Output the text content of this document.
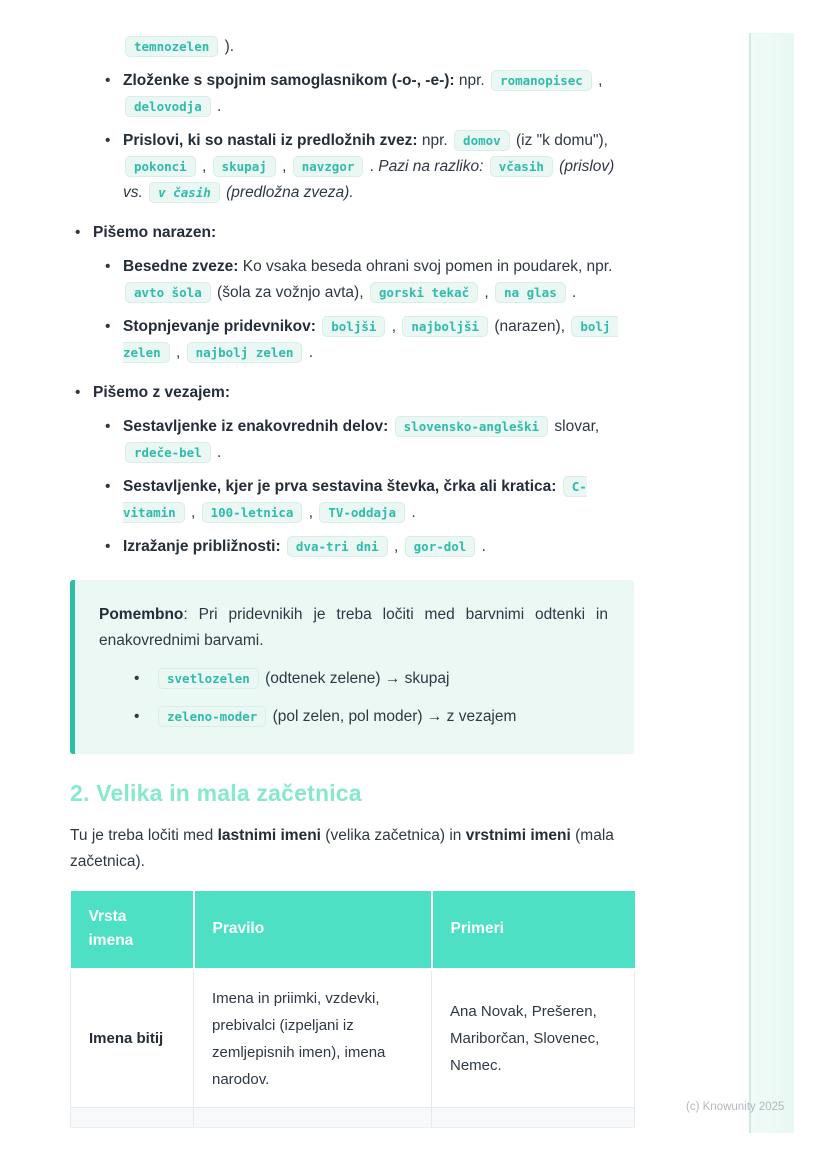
temnozelen ).
• Zloženke s spojnim samoglasnikom (-o-, -e-): npr. romanopisec , delovodja .
• Prislovi, ki so nastali iz predložnih zvez: npr. domov (iz "k domu"), pokonci , skupaj , navzgor . Pazi na razliko: včasih (prislov) vs. v časih (predložna zveza).
• Pišemo narazen:
• Besedne zveze: Ko vsaka beseda ohrani svoj pomen in poudarek, npr. avto šola (šola za vožnjo avta), gorski tekač , na glas .
• Stopnjevanje pridevnikov: boljši , najboljši (narazen), bolj zelen , najbolj zelen .
• Pišemo z vezajem:
• Sestavljenke iz enakovrednih delov: slovensko-angleški slovar, rdeče-bel .
• Sestavljenke, kjer je prva sestavina števka, črka ali kratica: C-vitamin , 100-letnica , TV-oddaja .
• Izražanje približnosti: dva-tri dni , gor-dol .

Pomembno: Pri pridevnikih je treba ločiti med barvnimi odtenki in enakovrednimi barvami.

•	svetlozelen (odtenek zelene) → skupaj
•	zeleno-moder (pol zelen, pol moder) → z vezajem
2. Velika in mala začetnica

Tu je treba ločiti med lastnimi imeni (velika začetnica) in vrstnimi imeni (mala začetnica).

Vrsta imena	Pravilo	Primeri
Imena bitij	Imena in priimki, vzdevki, prebivalci (izpeljani iz zemljepisnih imen), imena narodov.	Ana Novak, Prešeren, Mariborčan, Slovenec, Nemec.

(c) Knowunity 2025
